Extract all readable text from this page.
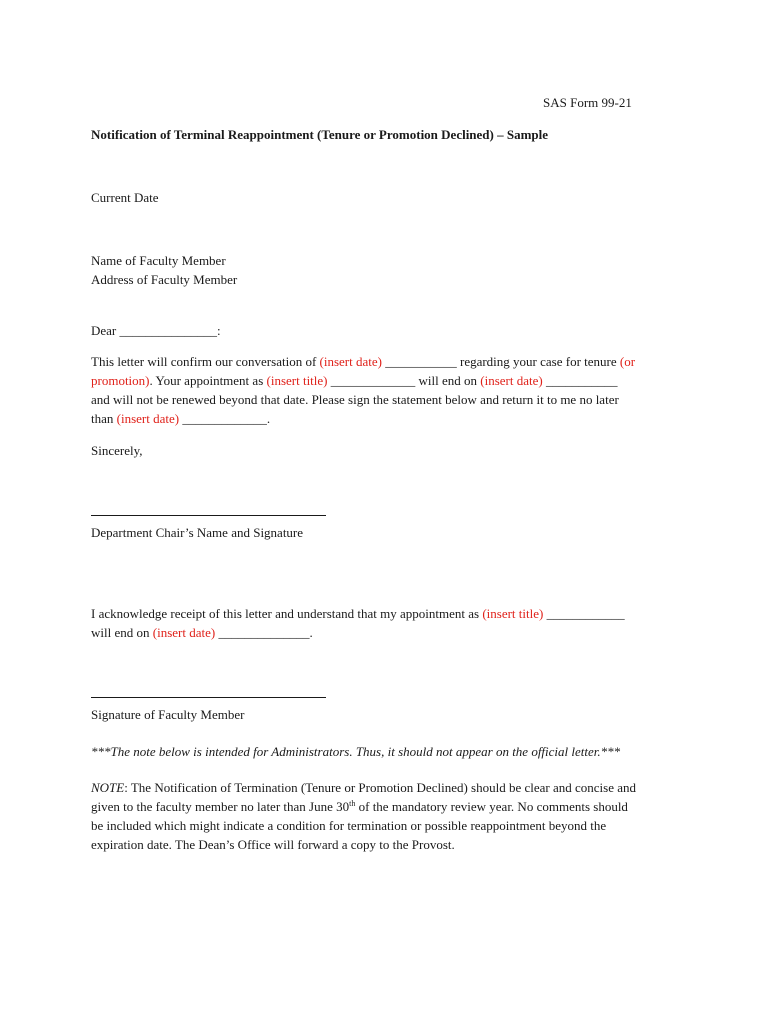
SAS Form 99-21
Notification of Terminal Reappointment (Tenure or Promotion Declined) – Sample
Current Date
Name of Faculty Member
Address of Faculty Member
Dear _______________:
This letter will confirm our conversation of (insert date) ___________ regarding your case for tenure (or
promotion). Your appointment as (insert title) _____________ will end on (insert date) ___________
and will not be renewed beyond that date. Please sign the statement below and return it to me no later
than (insert date) _____________.
Sincerely,
Department Chair’s Name and Signature
I acknowledge receipt of this letter and understand that my appointment as (insert title) ____________
will end on (insert date) ______________.
Signature of Faculty Member
***The note below is intended for Administrators. Thus, it should not appear on the official letter.***
NOTE: The Notification of Termination (Tenure or Promotion Declined) should be clear and concise and
given to the faculty member no later than June 30th of the mandatory review year. No comments should
be included which might indicate a condition for termination or possible reappointment beyond the
expiration date. The Dean’s Office will forward a copy to the Provost.
